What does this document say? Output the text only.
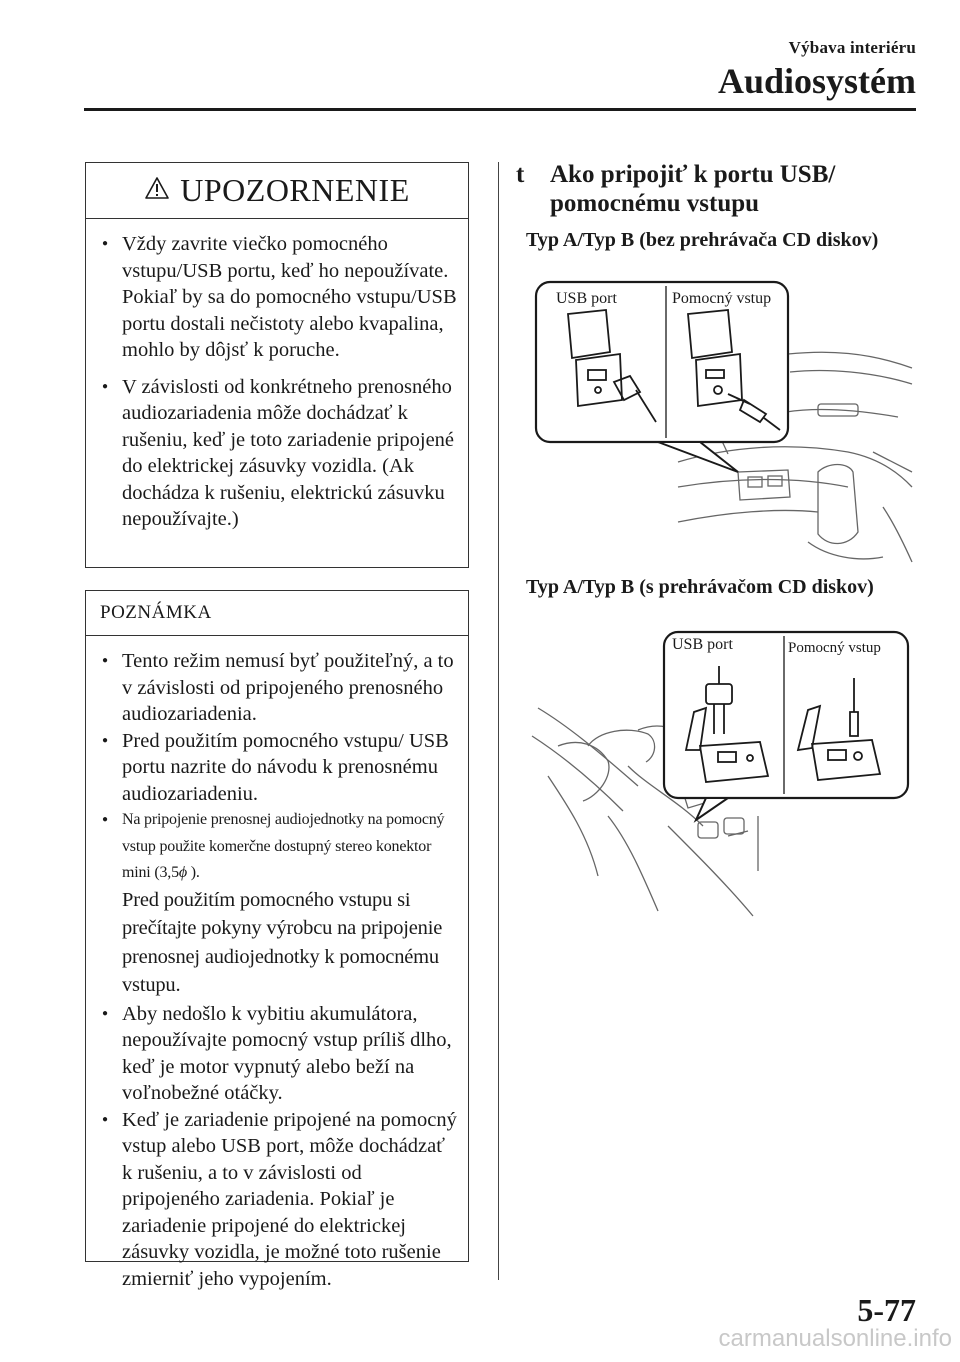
Výbava interiéru
Audiosystém
UPOZORNENIE
● Vždy zavrite viečko pomocného vstupu/USB portu, keď ho nepoužívate. Pokiaľ by sa do pomocného vstupu/USB portu dostali nečistoty alebo kvapalina, mohlo by dôjsť k poruche.
● V závislosti od konkrétneho prenosného audiozariadenia môže dochádzať k rušeniu, keď je toto zariadenie pripojené do elektrickej zásuvky vozidla. (Ak dochádza k rušeniu, elektrickú zásuvku nepoužívajte.)
POZNÁMKA
● Tento režim nemusí byť použiteľný, a to v závislosti od pripojeného prenosného audiozariadenia.
● Pred použitím pomocného vstupu/ USB portu nazrite do návodu k prenosnému audiozariadeniu.
● Na pripojenie prenosnej audiojednotky na pomocný vstup použite komerčne dostupný stereo konektor mini (3,5ϕ ).
Pred použitím pomocného vstupu si prečítajte pokyny výrobcu na pripojenie prenosnej audiojednotky k pomocnému vstupu.
● Aby nedošlo k vybitiu akumulátora, nepoužívajte pomocný vstup príliš dlho, keď je motor vypnutý alebo beží na voľnobežné otáčky.
● Keď je zariadenie pripojené na pomocný vstup alebo USB port, môže dochádzať k rušeniu, a to v závislosti od pripojeného zariadenia. Pokiaľ je zariadenie pripojené do elektrickej zásuvky vozidla, je možné toto rušenie zmierniť jeho vypojením.
t	Ako pripojiť k portu USB/ pomocnému vstupu
Typ A/Typ B (bez prehrávača CD diskov)
USB port	Pomocný vstup
Typ A/Typ B (s prehrávačom CD diskov)
USB port	Pomocný vstup
5-77
carmanualsonline.info
